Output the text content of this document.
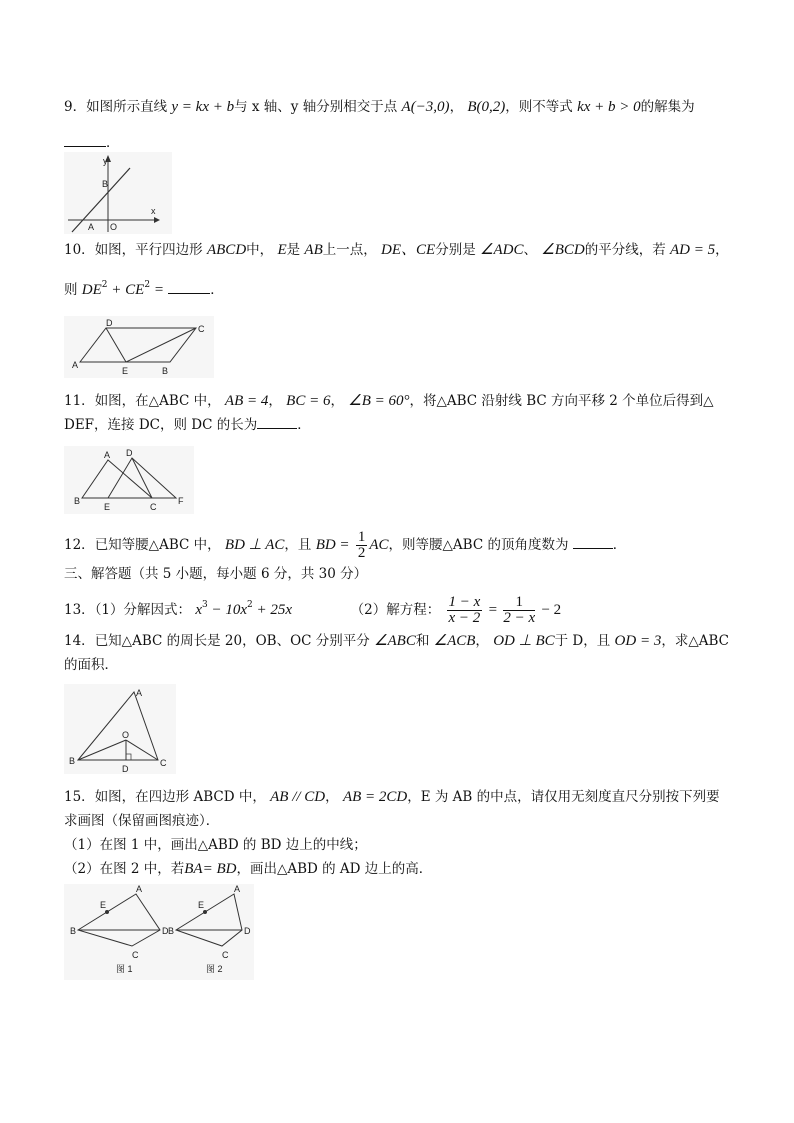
9．如图所示直线 y = kx + b与 x 轴、y 轴分别相交于点 A(−3,0)， B(0,2)，则不等式 kx + b > 0的解集为
．
y
x
B
A O
10．如图，平行四边形 ABCD中， E是 AB上一点， DE、CE分别是 ∠ADC、 ∠BCD的平分线，若 AD = 5，
则 $DE^2 + CE^2$ =	．
A
D
C
E	B
11．如图，在△ABC 中， AB = 4， BC = 6， ∠B = 60°，将△ABC 沿射线 BC 方向平移 2 个单位后得到△
DEF，连接 DC，则 DC 的长为	．
A D
B
E	C
F
12．已知等腰△ABC 中， BD ⊥ AC，且 BD = $\frac{1}{2}$ AC，则等腰△ABC 的顶角度数为	．
三、解答题（共 5 小题，每小题 6 分，共 30 分）
13．（1）分解因式： $x^3 - 10x^2 + 25x$	（2）解方程： $\frac{1 - x}{x - 2} = \frac{1}{2 - x} - 2$
14．已知△ABC 的周长是 20，OB、OC 分别平分 ∠ABC和 ∠ACB， OD ⊥ BC于 D，且 OD = 3，求△ABC
的面积．
A
O
B
D
C
15．如图，在四边形 ABCD 中， AB // CD， AB = 2CD，E 为 AB 的中点，请仅用无刻度直尺分别按下列要
求画图（保留画图痕迹）．
（1）在图 1 中，画出△ABD 的 BD 边上的中线；
（2）在图 2 中，若BA= BD，画出△ABD 的 AD 边上的高．
A
B
C
D
E
图 1
A
B
C
D
E
图 2
